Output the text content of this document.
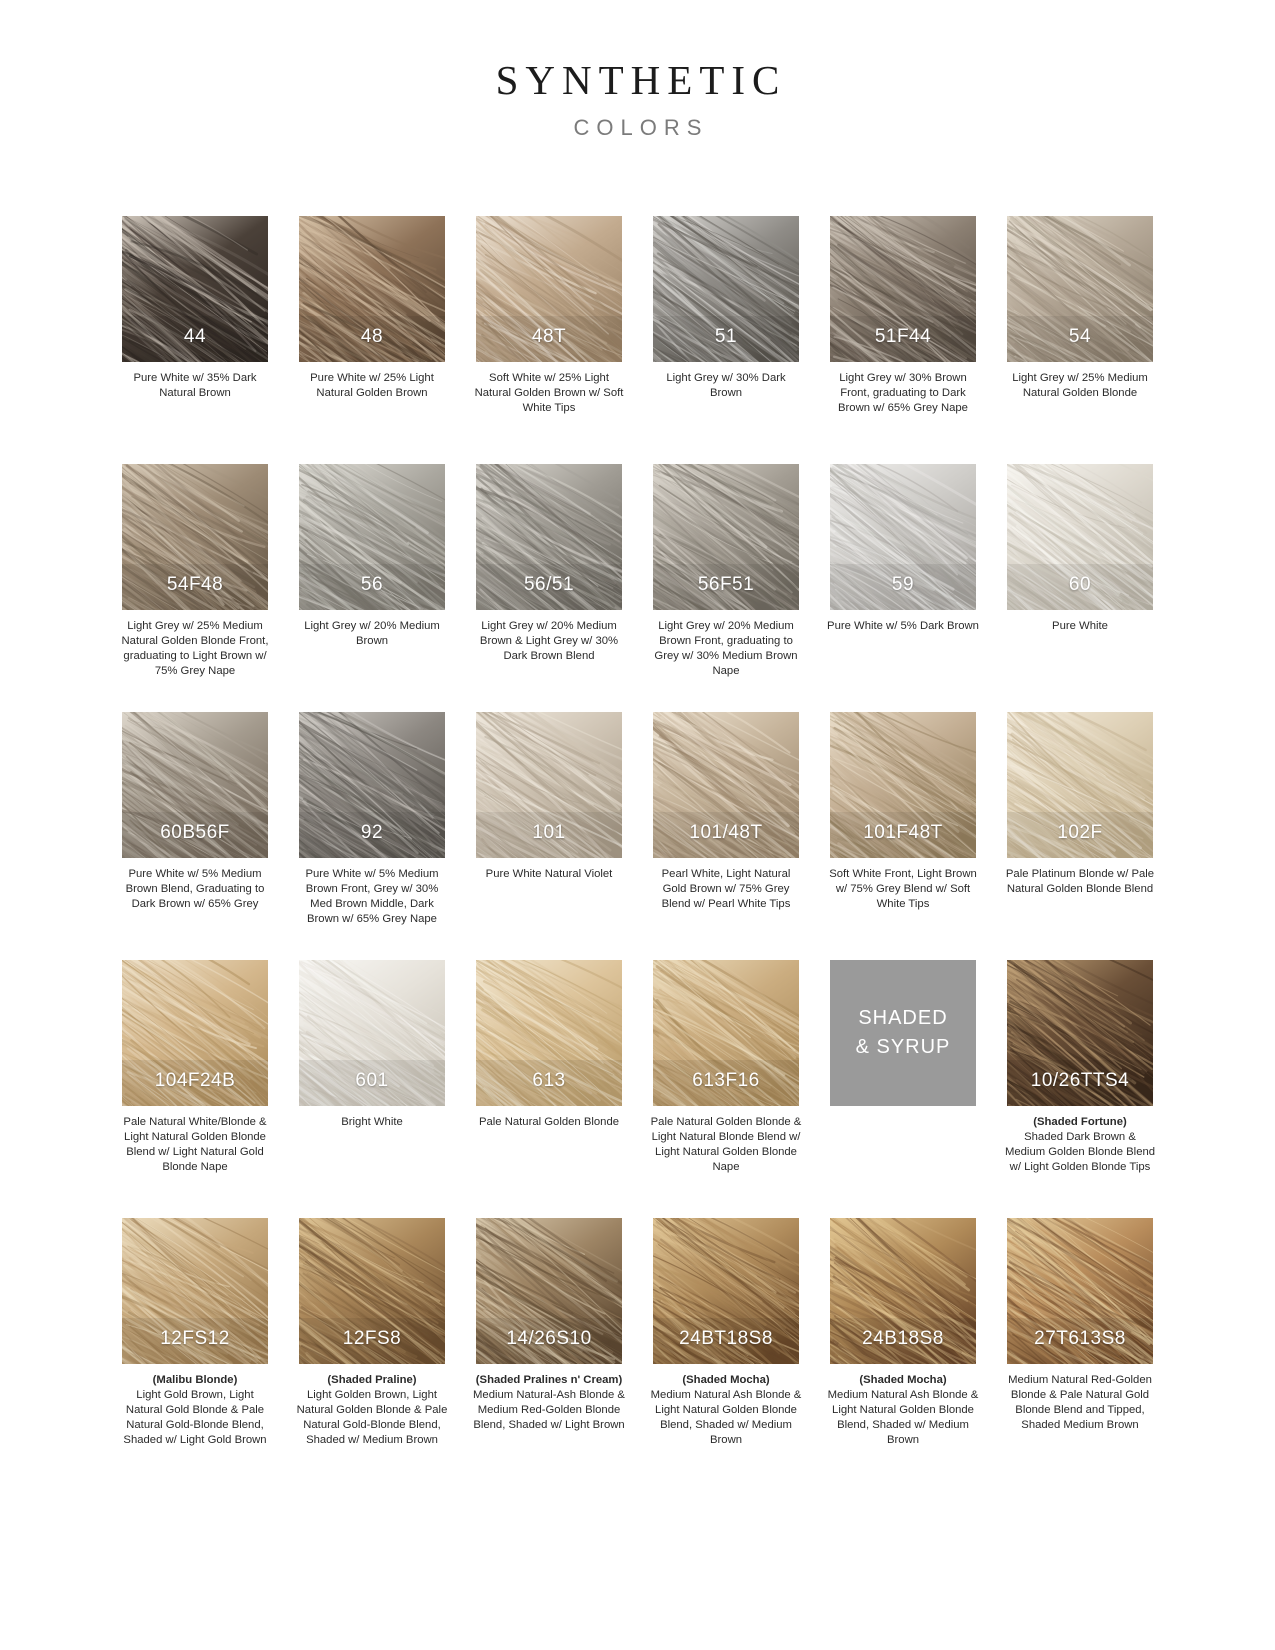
SYNTHETIC
COLORS
44
Pure White w/ 35% Dark Natural Brown
48
Pure White w/ 25% Light Natural Golden Brown
48T
Soft White w/ 25% Light Natural Golden Brown w/ Soft White Tips
51
Light Grey w/ 30% Dark Brown
51F44
Light Grey w/ 30% Brown Front, graduating to Dark Brown w/ 65% Grey Nape
54
Light Grey w/ 25% Medium Natural Golden Blonde
54F48
Light Grey w/ 25% Medium Natural Golden Blonde Front, graduating to Light Brown w/ 75% Grey Nape
56
Light Grey w/ 20% Medium Brown
56/51
Light Grey w/ 20% Medium Brown & Light Grey w/ 30% Dark Brown Blend
56F51
Light Grey w/ 20% Medium Brown Front, graduating to Grey w/ 30% Medium Brown Nape
59
Pure White w/ 5% Dark Brown
60
Pure White
60B56F
Pure White w/ 5% Medium Brown Blend, Graduating to Dark Brown w/ 65% Grey
92
Pure White w/ 5% Medium Brown Front, Grey w/ 30% Med Brown Middle, Dark Brown w/ 65% Grey Nape
101
Pure White Natural Violet
101/48T
Pearl White, Light Natural Gold Brown w/ 75% Grey Blend w/ Pearl White Tips
101F48T
Soft White Front, Light Brown w/ 75% Grey Blend w/ Soft White Tips
102F
Pale Platinum Blonde w/ Pale Natural Golden Blonde Blend
104F24B
Pale Natural White/Blonde & Light Natural Golden Blonde Blend w/ Light Natural Gold Blonde Nape
601
Bright White
613
Pale Natural Golden Blonde
613F16
Pale Natural Golden Blonde & Light Natural Blonde Blend w/ Light Natural Golden Blonde Nape
SHADED
& SYRUP
10/26TTS4
(Shaded Fortune)
Shaded Dark Brown & Medium Golden Blonde Blend w/ Light Golden Blonde Tips
12FS12
(Malibu Blonde)
Light Gold Brown, Light Natural Gold Blonde & Pale Natural Gold-Blonde Blend, Shaded w/ Light Gold Brown
12FS8
(Shaded Praline)
Light Golden Brown, Light Natural Golden Blonde & Pale Natural Gold-Blonde Blend, Shaded w/ Medium Brown
14/26S10
(Shaded Pralines n' Cream)
Medium Natural-Ash Blonde & Medium Red-Golden Blonde Blend, Shaded w/ Light Brown
24BT18S8
(Shaded Mocha)
Medium Natural Ash Blonde & Light Natural Golden Blonde Blend, Shaded w/ Medium Brown
24B18S8
(Shaded Mocha)
Medium Natural Ash Blonde & Light Natural Golden Blonde Blend, Shaded w/ Medium Brown
27T613S8
Medium Natural Red-Golden Blonde & Pale Natural Gold Blonde Blend and Tipped, Shaded Medium Brown
